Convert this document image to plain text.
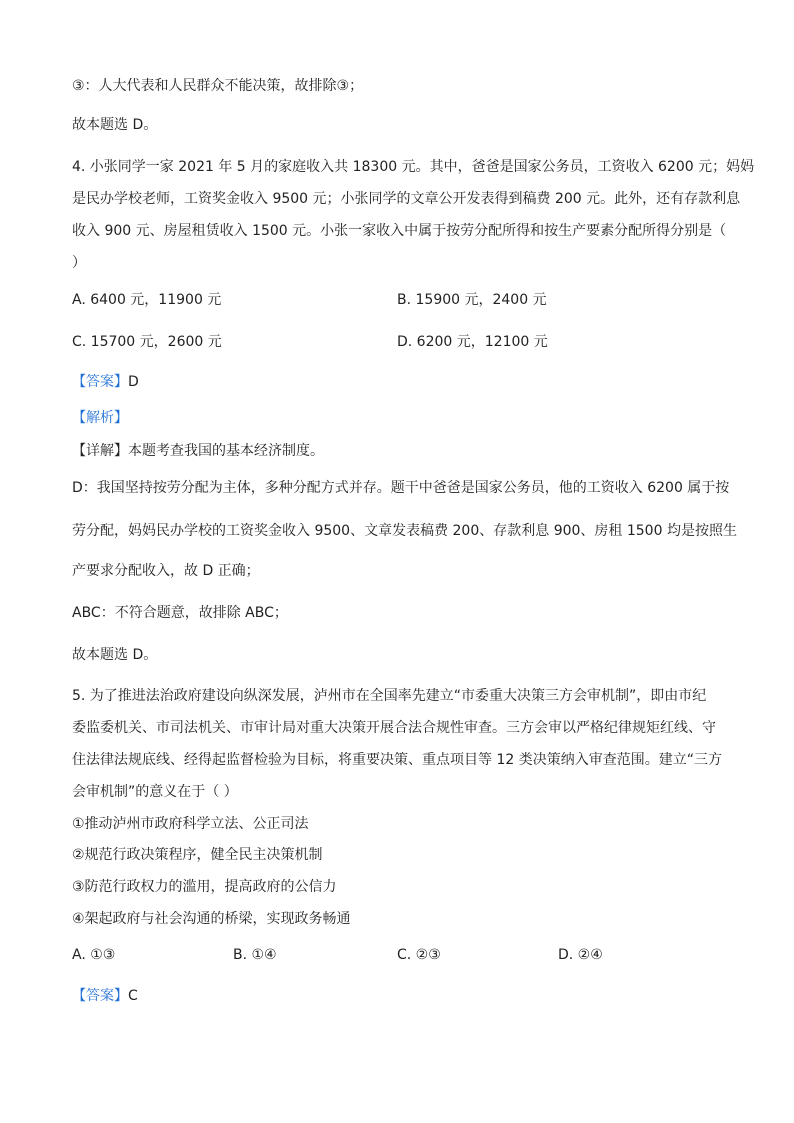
③：人大代表和人民群众不能决策，故排除③；
故本题选 D。
4. 小张同学一家 2021 年 5 月的家庭收入共 18300 元。其中，爸爸是国家公务员，工资收入 6200 元；妈妈
是民办学校老师，工资奖金收入 9500 元；小张同学的文章公开发表得到稿费 200 元。此外，还有存款利息
收入 900 元、房屋租赁收入 1500 元。小张一家收入中属于按劳分配所得和按生产要素分配所得分别是（
）
A. 6400 元，11900 元	B. 15900 元，2400 元
C. 15700 元，2600 元	D. 6200 元，12100 元
【答案】D
【解析】
【详解】本题考查我国的基本经济制度。
D：我国坚持按劳分配为主体，多种分配方式并存。题干中爸爸是国家公务员，他的工资收入 6200 属于按
劳分配，妈妈民办学校的工资奖金收入 9500、文章发表稿费 200、存款利息 900、房租 1500 均是按照生
产要求分配收入，故 D 正确；
ABC：不符合题意，故排除 ABC；
故本题选 D。
5. 为了推进法治政府建设向纵深发展，泸州市在全国率先建立“市委重大决策三方会审机制”，即由市纪
委监委机关、市司法机关、市审计局对重大决策开展合法合规性审查。三方会审以严格纪律规矩红线、守
住法律法规底线、经得起监督检验为目标，将重要决策、重点项目等 12 类决策纳入审查范围。建立“三方
会审机制”的意义在于（ ）
①推动泸州市政府科学立法、公正司法
②规范行政决策程序，健全民主决策机制
③防范行政权力的滥用，提高政府的公信力
④架起政府与社会沟通的桥梁，实现政务畅通
A. ①③	B. ①④	C. ②③	D. ②④
【答案】C
